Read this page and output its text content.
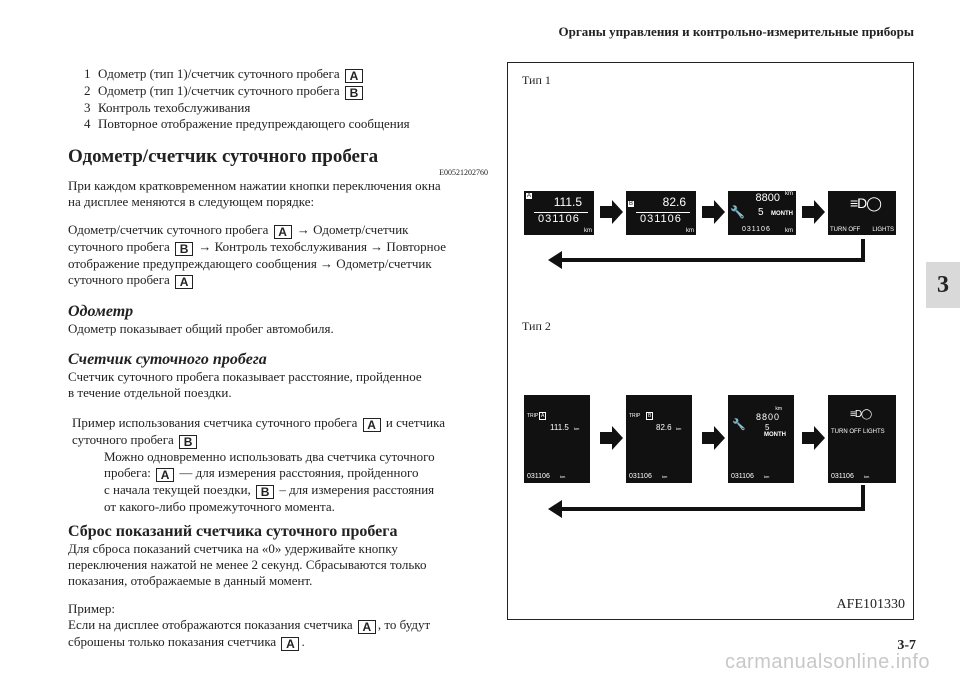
Органы управления и контрольно-измерительные приборы
3
1 Одометр (тип 1)/счетчик суточного пробега A
2 Одометр (тип 1)/счетчик суточного пробега B
3 Контроль техобслуживания
4 Повторное отображение предупреждающего сообщения
Одометр/счетчик суточного пробега
E00521202760

При каждом кратковременном нажатии кнопки переключения окна
на дисплее меняются в следующем порядке:

Одометр/счетчик суточного пробега A → Одометр/счетчик
суточного пробега B → Контроль техобслуживания → Повторное
отображение предупреждающего сообщения → Одометр/счетчик
суточного пробега A

Одометр

Одометр показывает общий пробег автомобиля.

Счетчик суточного пробега

Счетчик суточного пробега показывает расстояние, пройденное
в течение отдельной поездки.

Пример использования счетчика суточного пробега A и счетчика
суточного пробега B
Можно одновременно использовать два счетчика суточного
пробега: A — для измерения расстояния, пройденного
с начала текущей поездки, B – для измерения расстояния
от какого-либо промежуточного момента.
Сброс показаний счетчика суточного пробега

Для сброса показаний счетчика на «0» удерживайте кнопку
переключения нажатой не менее 2 секунд. Сбрасываются только
показания, отображаемые в данный момент.

Пример:
Если на дисплее отображаются показания счетчика A , то будут
сброшены только показания счетчика A .

Тип 1
Тип 2
A 111.5
031106
km
B 82.6
031106
km
🔧
8800 km
5 MONTH
031106 km
≡D◯
TURN OFF LIGHTS
TRIP A
111.5 km
031106	km
TRIP	B
82.6 km
031106	km
km
🔧
8800
5
MONTH
031106	km
≡D◯
TURN OFF LIGHTS
031106	km
AFE101330
3-7
carmanualsonline.info
